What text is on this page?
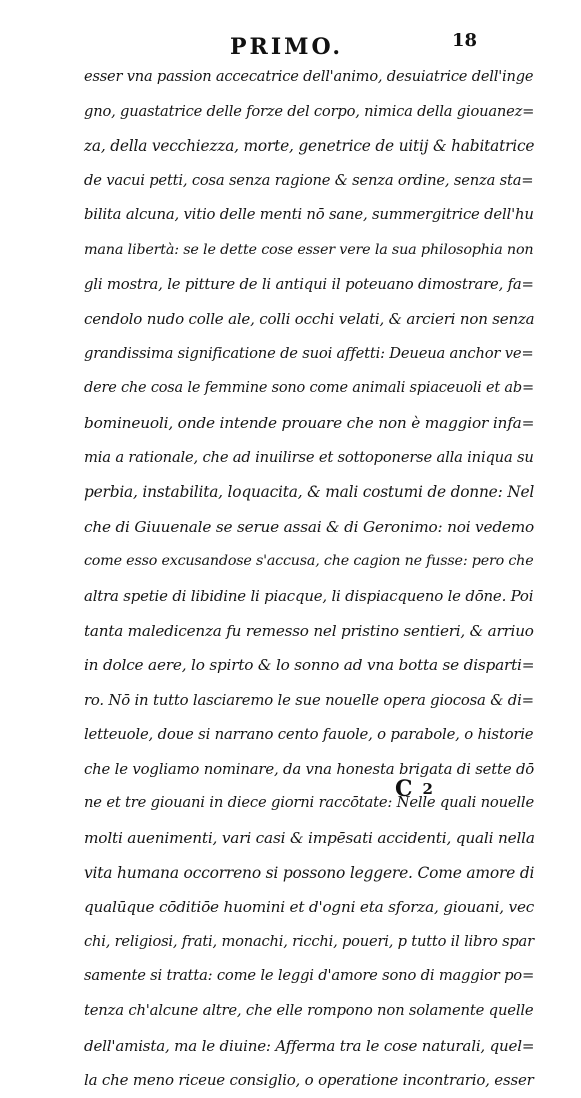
PRIMO.	18
esser vna passion accecatrice dell'animo, desuiatrice dell'inge
gno, guastatrice delle forze del corpo, nimica della giouanez=
za, della vecchiezza, morte, genetrice de uitij & habitatrice
de vacui petti, cosa senza ragione & senza ordine, senza sta=
bilita alcuna, vitio delle menti nō sane, summergitrice dell'hu
mana libertà: se le dette cose esser vere la sua philosophia non
gli mostra, le pitture de li antiqui il poteuano dimostrare, fa=
cendolo nudo colle ale, colli occhi velati, & arcieri non senza
grandissima significatione de suoi affetti: Deueua anchor ve=
dere che cosa le femmine sono come animali spiaceuoli et ab=
bomineuoli, onde intende prouare che non è maggior infa=
mia a rationale, che ad inuilirse et sottoponerse alla iniqua su
perbia, instabilita, loquacita, & mali costumi de donne: Nel
che di Giuuenale se serue assai & di Geronimo: noi vedemo
come esso excusandose s'accusa, che cagion ne fusse: pero che
altra spetie di libidine li piacque, li dispiacqueno le dōne. Poi
tanta maledicenza fu remesso nel pristino sentieri, & arriuo
in dolce aere, lo spirto & lo sonno ad vna botta se disparti=
ro. Nō in tutto lasciaremo le sue nouelle opera giocosa & di=
letteuole, doue si narrano cento fauole, o parabole, o historie
che le vogliamo nominare, da vna honesta brigata di sette dō
ne et tre giouani in diece giorni raccōtate: Nelle quali nouelle
molti auenimenti, vari casi & impēsati accidenti, quali nella
vita humana occorreno si possono leggere. Come amore di
qualūque cōditiōe huomini et d'ogni eta sforza, giouani, vec
chi, religiosi, frati, monachi, ricchi, poueri, p tutto il libro spar
samente si tratta: come le leggi d'amore sono di maggior po=
tenza ch'alcune altre, che elle rompono non solamente quelle
dell'amista, ma le diuine: Afferma tra le cose naturali, quel=
la che meno riceue consiglio, o operatione incontrario, esser
C 2
